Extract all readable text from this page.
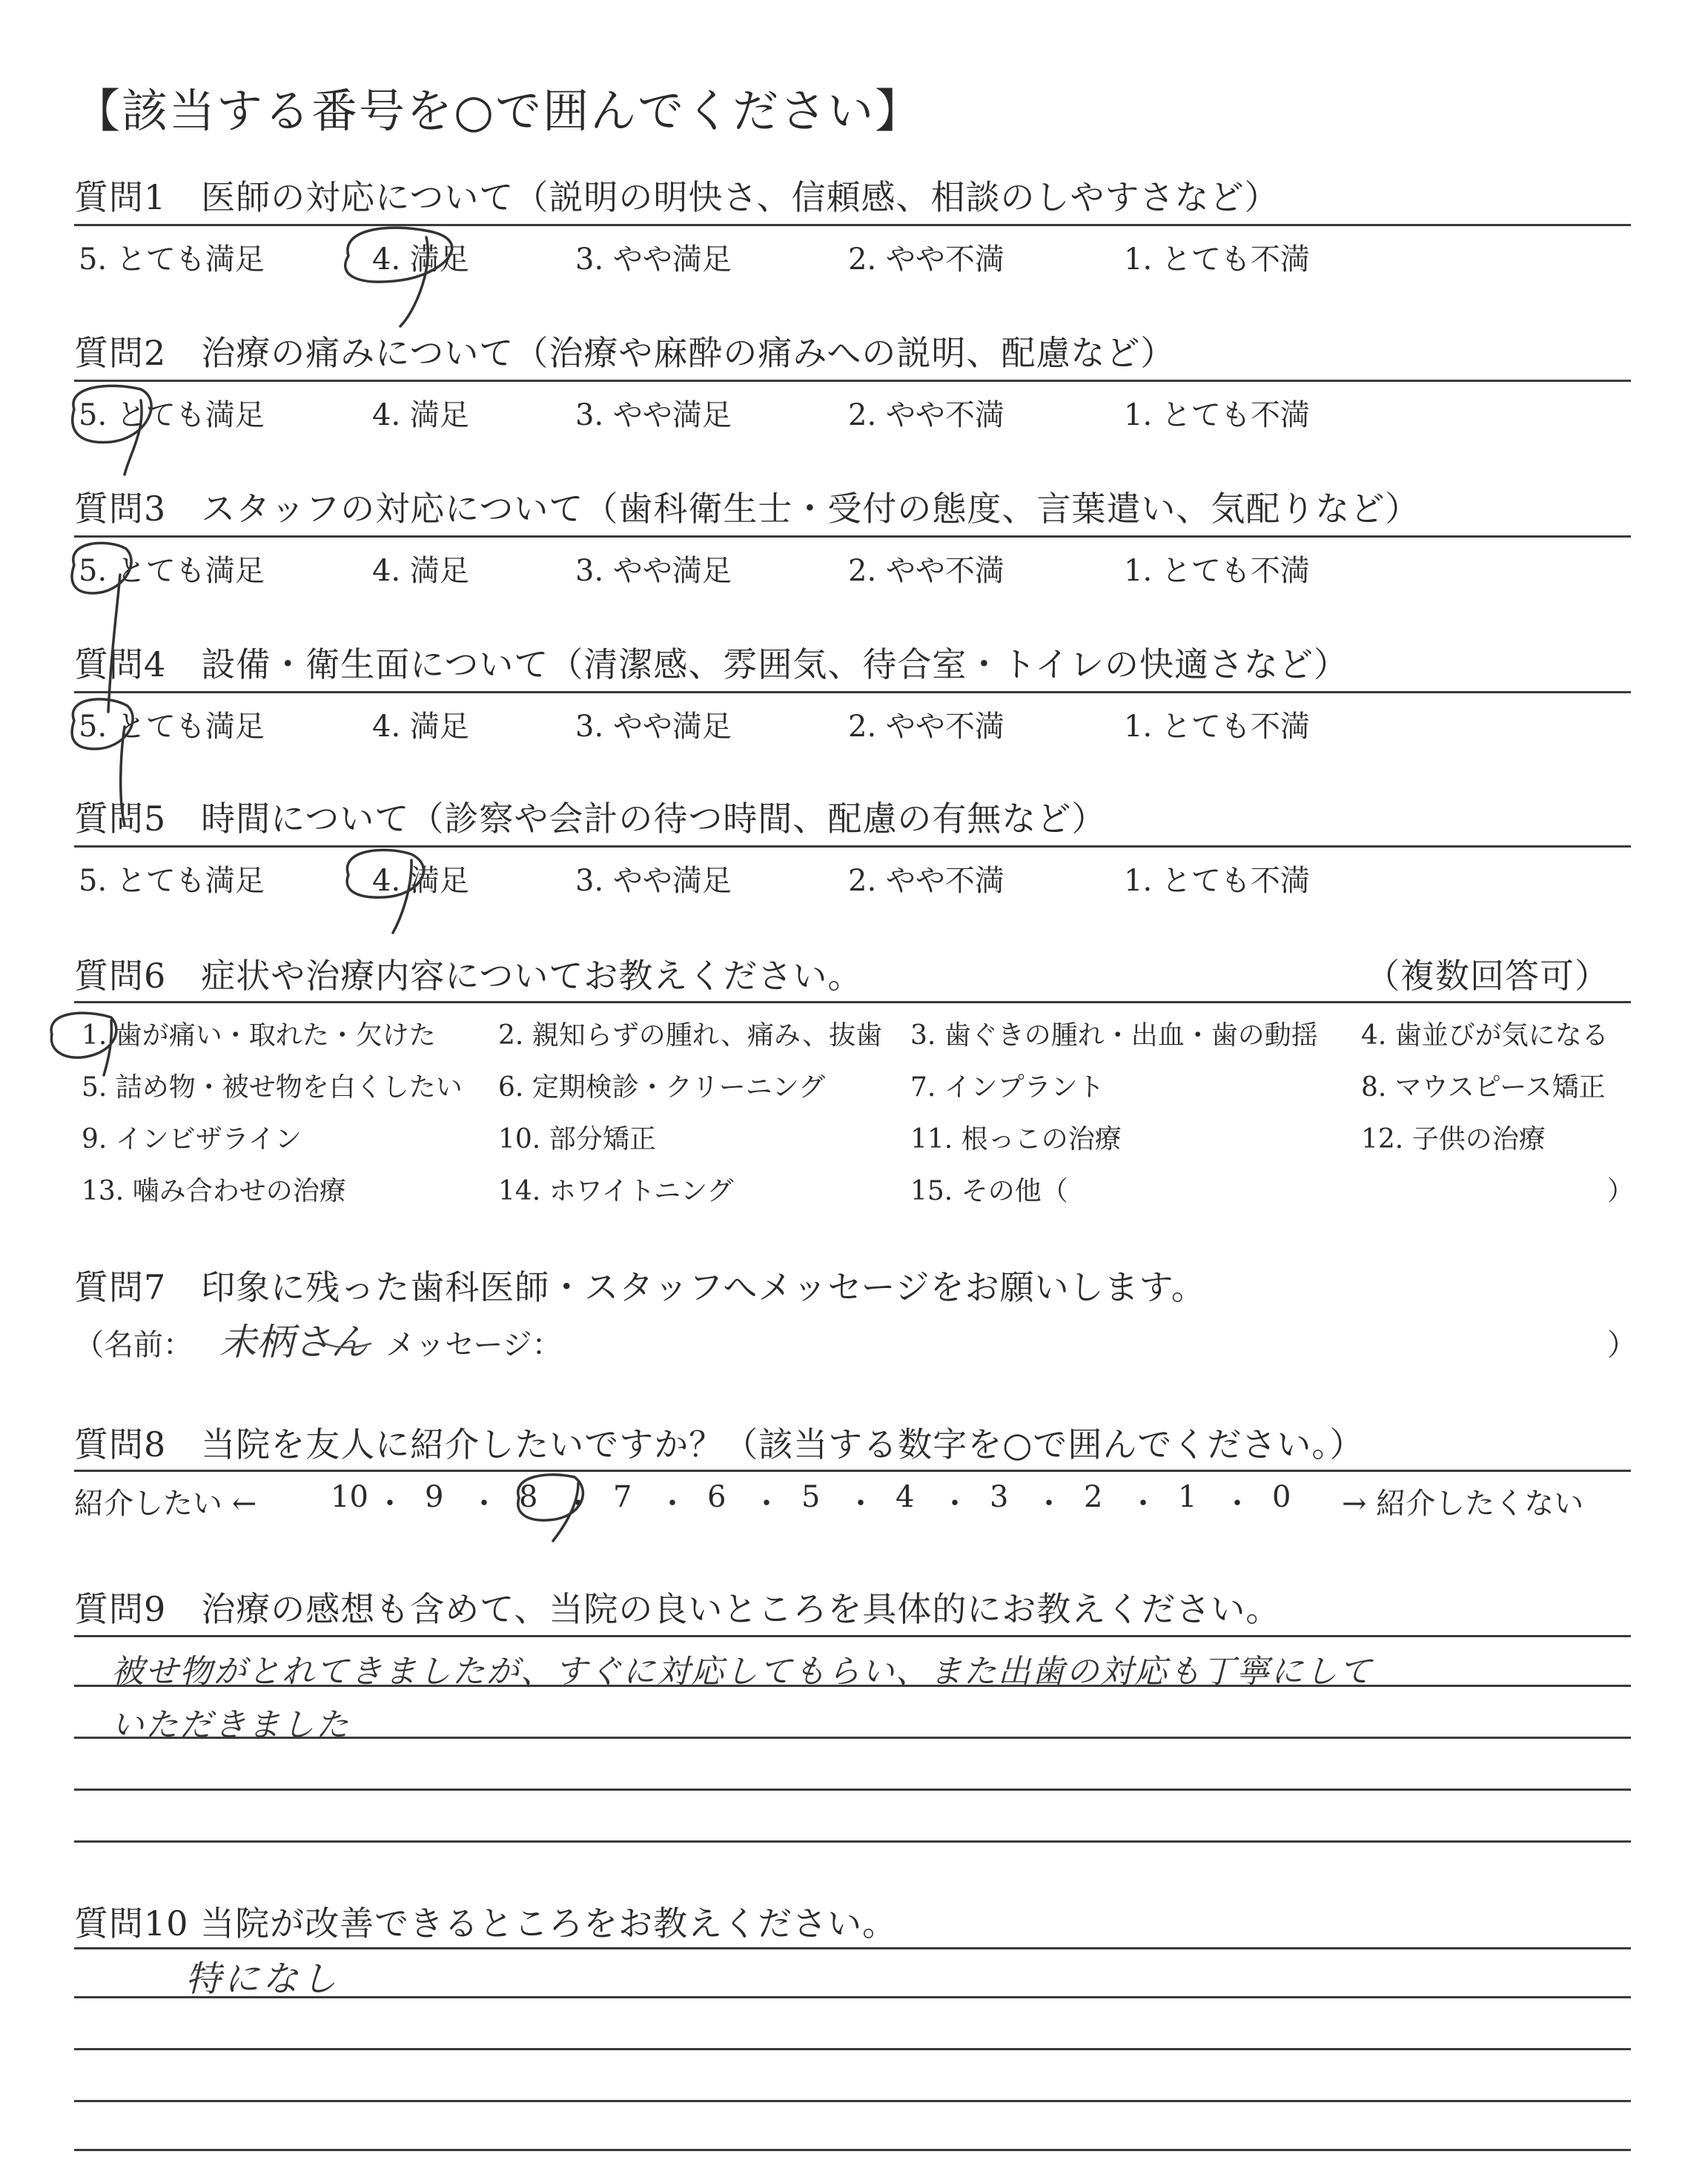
【該当する番号を○で囲んでください】
質問1　医師の対応について（説明の明快さ、信頼感、相談のしやすさなど）
5. とても満足	4. 満足	3. やや満足	2. やや不満	1. とても不満
質問2　治療の痛みについて（治療や麻酔の痛みへの説明、配慮など）
5. とても満足	4. 満足	3. やや満足	2. やや不満	1. とても不満
質問3　スタッフの対応について（歯科衛生士・受付の態度、言葉遣い、気配りなど）
5. とても満足	4. 満足	3. やや満足	2. やや不満	1. とても不満
質問4　設備・衛生面について（清潔感、雰囲気、待合室・トイレの快適さなど）
5. とても満足	4. 満足	3. やや満足	2. やや不満	1. とても不満
質問5　時間について（診察や会計の待つ時間、配慮の有無など）
5. とても満足	4. 満足	3. やや満足	2. やや不満	1. とても不満
質問6　症状や治療内容についてお教えください。	（複数回答可）
1. 歯が痛い・取れた・欠けた 2. 親知らずの腫れ、痛み、抜歯 3. 歯ぐきの腫れ・出血・歯の動揺 4. 歯並びが気になる
5. 詰め物・被せ物を白くしたい 6. 定期検診・クリーニング	7. インプラント	8. マウスピース矯正
9. インビザライン	10. 部分矯正	11. 根っこの治療	12. 子供の治療
13. 噛み合わせの治療	14. ホワイトニング	15. その他（	）
質問7　印象に残った歯科医師・スタッフへメッセージをお願いします。
（名前： 未柄さん メッセージ：	）
質問8　当院を友人に紹介したいですか？（該当する数字を○で囲んでください。）
紹介したい ←	→ 紹介したくない
10 ・ 9 ・ 8 ・ 7 ・ 6 ・ 5 ・ 4 ・ 3 ・ 2 ・ 1 ・ 0
質問9　治療の感想も含めて、当院の良いところを具体的にお教えください。
被せ物がとれてきましたが、すぐに対応してもらい、また出歯の対応も丁寧にして
いただきました
質問10 当院が改善できるところをお教えください。
特になし
